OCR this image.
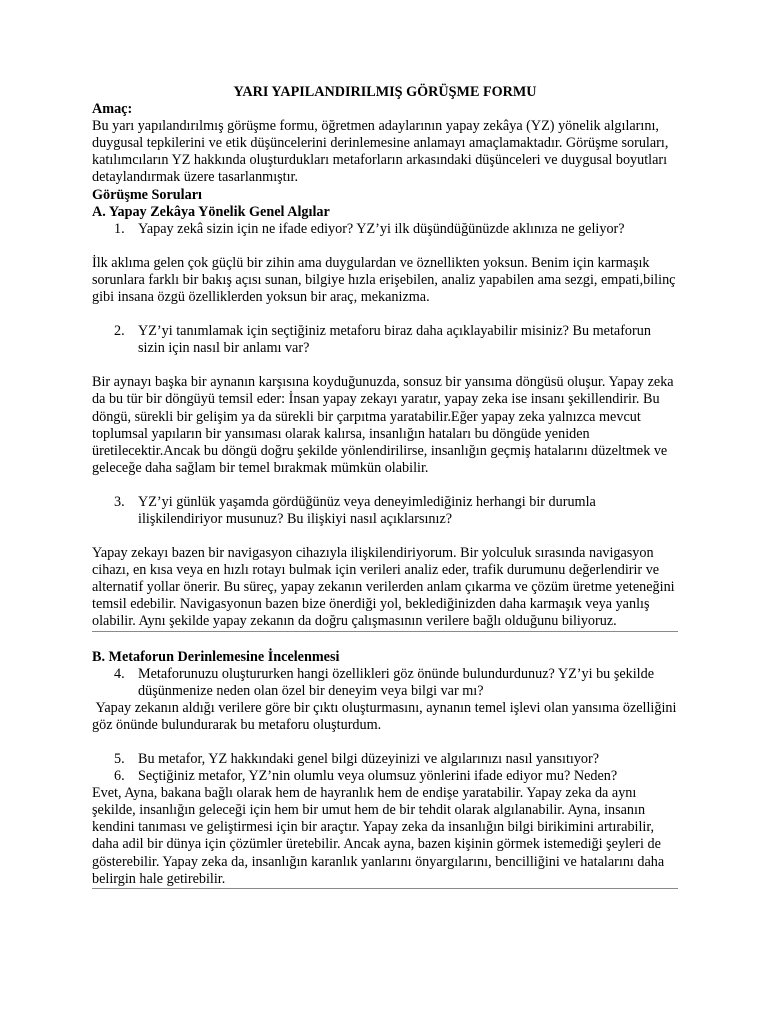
YARI YAPILANDIRILMIŞ GÖRÜŞME FORMU

Amaç:

Bu yarı yapılandırılmış görüşme formu, öğretmen adaylarının yapay zekâya (YZ) yönelik algılarını, duygusal tepkilerini ve etik düşüncelerini derinlemesine anlamayı amaçlamaktadır. Görüşme soruları, katılımcıların YZ hakkında oluşturdukları metaforların arkasındaki düşünceleri ve duygusal boyutları detaylandırmak üzere tasarlanmıştır.

Görüşme Soruları

A. Yapay Zekâya Yönelik Genel Algılar

1. Yapay zekâ sizin için ne ifade ediyor? YZ’yi ilk düşündüğünüzde aklınıza ne geliyor?

İlk aklıma gelen çok güçlü bir zihin ama duygulardan ve öznellikten yoksun. Benim için karmaşık sorunlara farklı bir bakış açısı sunan, bilgiye hızla erişebilen, analiz yapabilen ama sezgi, empati,bilinç gibi insana özgü özelliklerden yoksun bir araç, mekanizma.

2. YZ’yi tanımlamak için seçtiğiniz metaforu biraz daha açıklayabilir misiniz? Bu metaforun sizin için nasıl bir anlamı var?

Bir aynayı başka bir aynanın karşısına koyduğunuzda, sonsuz bir yansıma döngüsü oluşur. Yapay zeka da bu tür bir döngüyü temsil eder: İnsan yapay zekayı yaratır, yapay zeka ise insanı şekillendirir. Bu döngü, sürekli bir gelişim ya da sürekli bir çarpıtma yaratabilir.Eğer yapay zeka yalnızca mevcut toplumsal yapıların bir yansıması olarak kalırsa, insanlığın hataları bu döngüde yeniden üretilecektir.Ancak bu döngü doğru şekilde yönlendirilirse, insanlığın geçmiş hatalarını düzeltmek ve geleceğe daha sağlam bir temel bırakmak mümkün olabilir.

3. YZ’yi günlük yaşamda gördüğünüz veya deneyimlediğiniz herhangi bir durumla ilişkilendiriyor musunuz? Bu ilişkiyi nasıl açıklarsınız?

Yapay zekayı bazen bir navigasyon cihazıyla ilişkilendiriyorum. Bir yolculuk sırasında navigasyon cihazı, en kısa veya en hızlı rotayı bulmak için verileri analiz eder, trafik durumunu değerlendirir ve alternatif yollar önerir. Bu süreç, yapay zekanın verilerden anlam çıkarma ve çözüm üretme yeteneğini temsil edebilir. Navigasyonun bazen bize önerdiği yol, beklediğinizden daha karmaşık veya yanlış olabilir. Aynı şekilde yapay zekanın da doğru çalışmasının verilere bağlı olduğunu biliyoruz.

B. Metaforun Derinlemesine İncelenmesi

4. Metaforunuzu oluştururken hangi özellikleri göz önünde bulundurdunuz? YZ’yi bu şekilde düşünmenize neden olan özel bir deneyim veya bilgi var mı?

Yapay zekanın aldığı verilere göre bir çıktı oluşturmasını, aynanın temel işlevi olan yansıma özelliğini göz önünde bulundurarak bu metaforu oluşturdum.

5. Bu metafor, YZ hakkındaki genel bilgi düzeyinizi ve algılarınızı nasıl yansıtıyor?
6. Seçtiğiniz metafor, YZ’nin olumlu veya olumsuz yönlerini ifade ediyor mu? Neden?

Evet, Ayna, bakana bağlı olarak hem de hayranlık hem de endişe yaratabilir. Yapay zeka da aynı şekilde, insanlığın geleceği için hem bir umut hem de bir tehdit olarak algılanabilir. Ayna, insanın kendini tanıması ve geliştirmesi için bir araçtır. Yapay zeka da insanlığın bilgi birikimini artırabilir, daha adil bir dünya için çözümler üretebilir. Ancak ayna, bazen kişinin görmek istemediği şeyleri de gösterebilir. Yapay zeka da, insanlığın karanlık yanlarını önyargılarını, bencilliğini ve hatalarını daha belirgin hale getirebilir.
